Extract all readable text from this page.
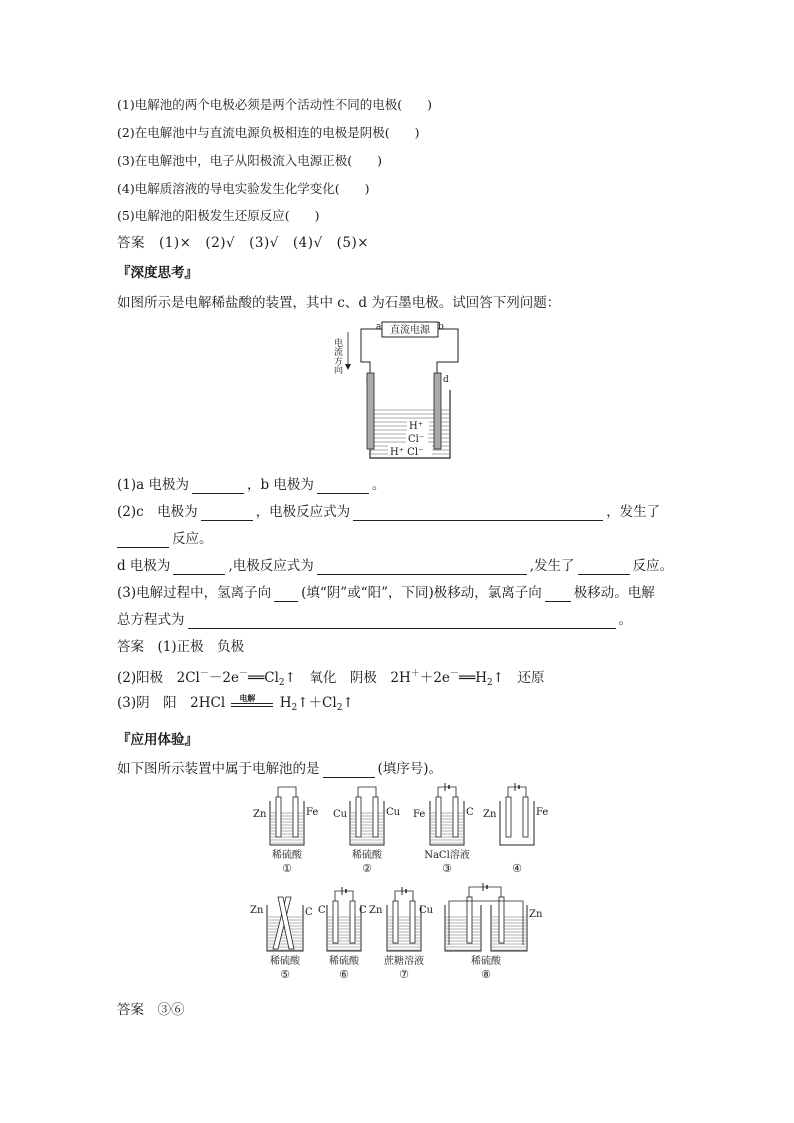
(1)电解池的两个电极必须是两个活动性不同的电极(　　)
(2)在电解池中与直流电源负极相连的电极是阴极(　　)
(3)在电解池中，电子从阳极流入电源正极(　　)
(4)电解质溶液的导电实验发生化学变化(　　)
(5)电解池的阳极发生还原反应(　　)
答案　(1)×　(2)√　(3)√　(4)√　(5)×
『深度思考』
如图所示是电解稀盐酸的装置，其中 c、d 为石墨电极。试回答下列问题：
a	b
直流电源
电流方向
d
H⁺
Cl⁻
H⁺ Cl⁻
(1)a 电极为	，b 电极为	。
(2)c　电极为	，电极反应式为	，发生了
反应。
d 电极为	,电极反应式为	,发生了	反应。
(3)电解过程中，氢离子向 (填“阴”或“阳”，下同)极移动，氯离子向 极移动。电解
总方程式为	。
答案　(1)正极　负极
(2)阳极　$2Cl^--2e^-══Cl_2↑$　氧化　阴极　$2H^++2e^-══H_2↑$　还原
(3)阴　阳　2HCl 电解 $H_2↑+Cl_2↑$
『应用体验』
如下图所示装置中属于电解池的是	(填序号)。
Zn	Fe
稀硫酸
①
Cu	Cu
稀硫酸
②
Fe	C
NaCl溶液
③
Zn	Fe
④
Zn	C
稀硫酸
⑤
C	C
稀硫酸
⑥
Zn	Cu
蔗糖溶液
⑦
Zn
稀硫酸
⑧
答案　③⑥
